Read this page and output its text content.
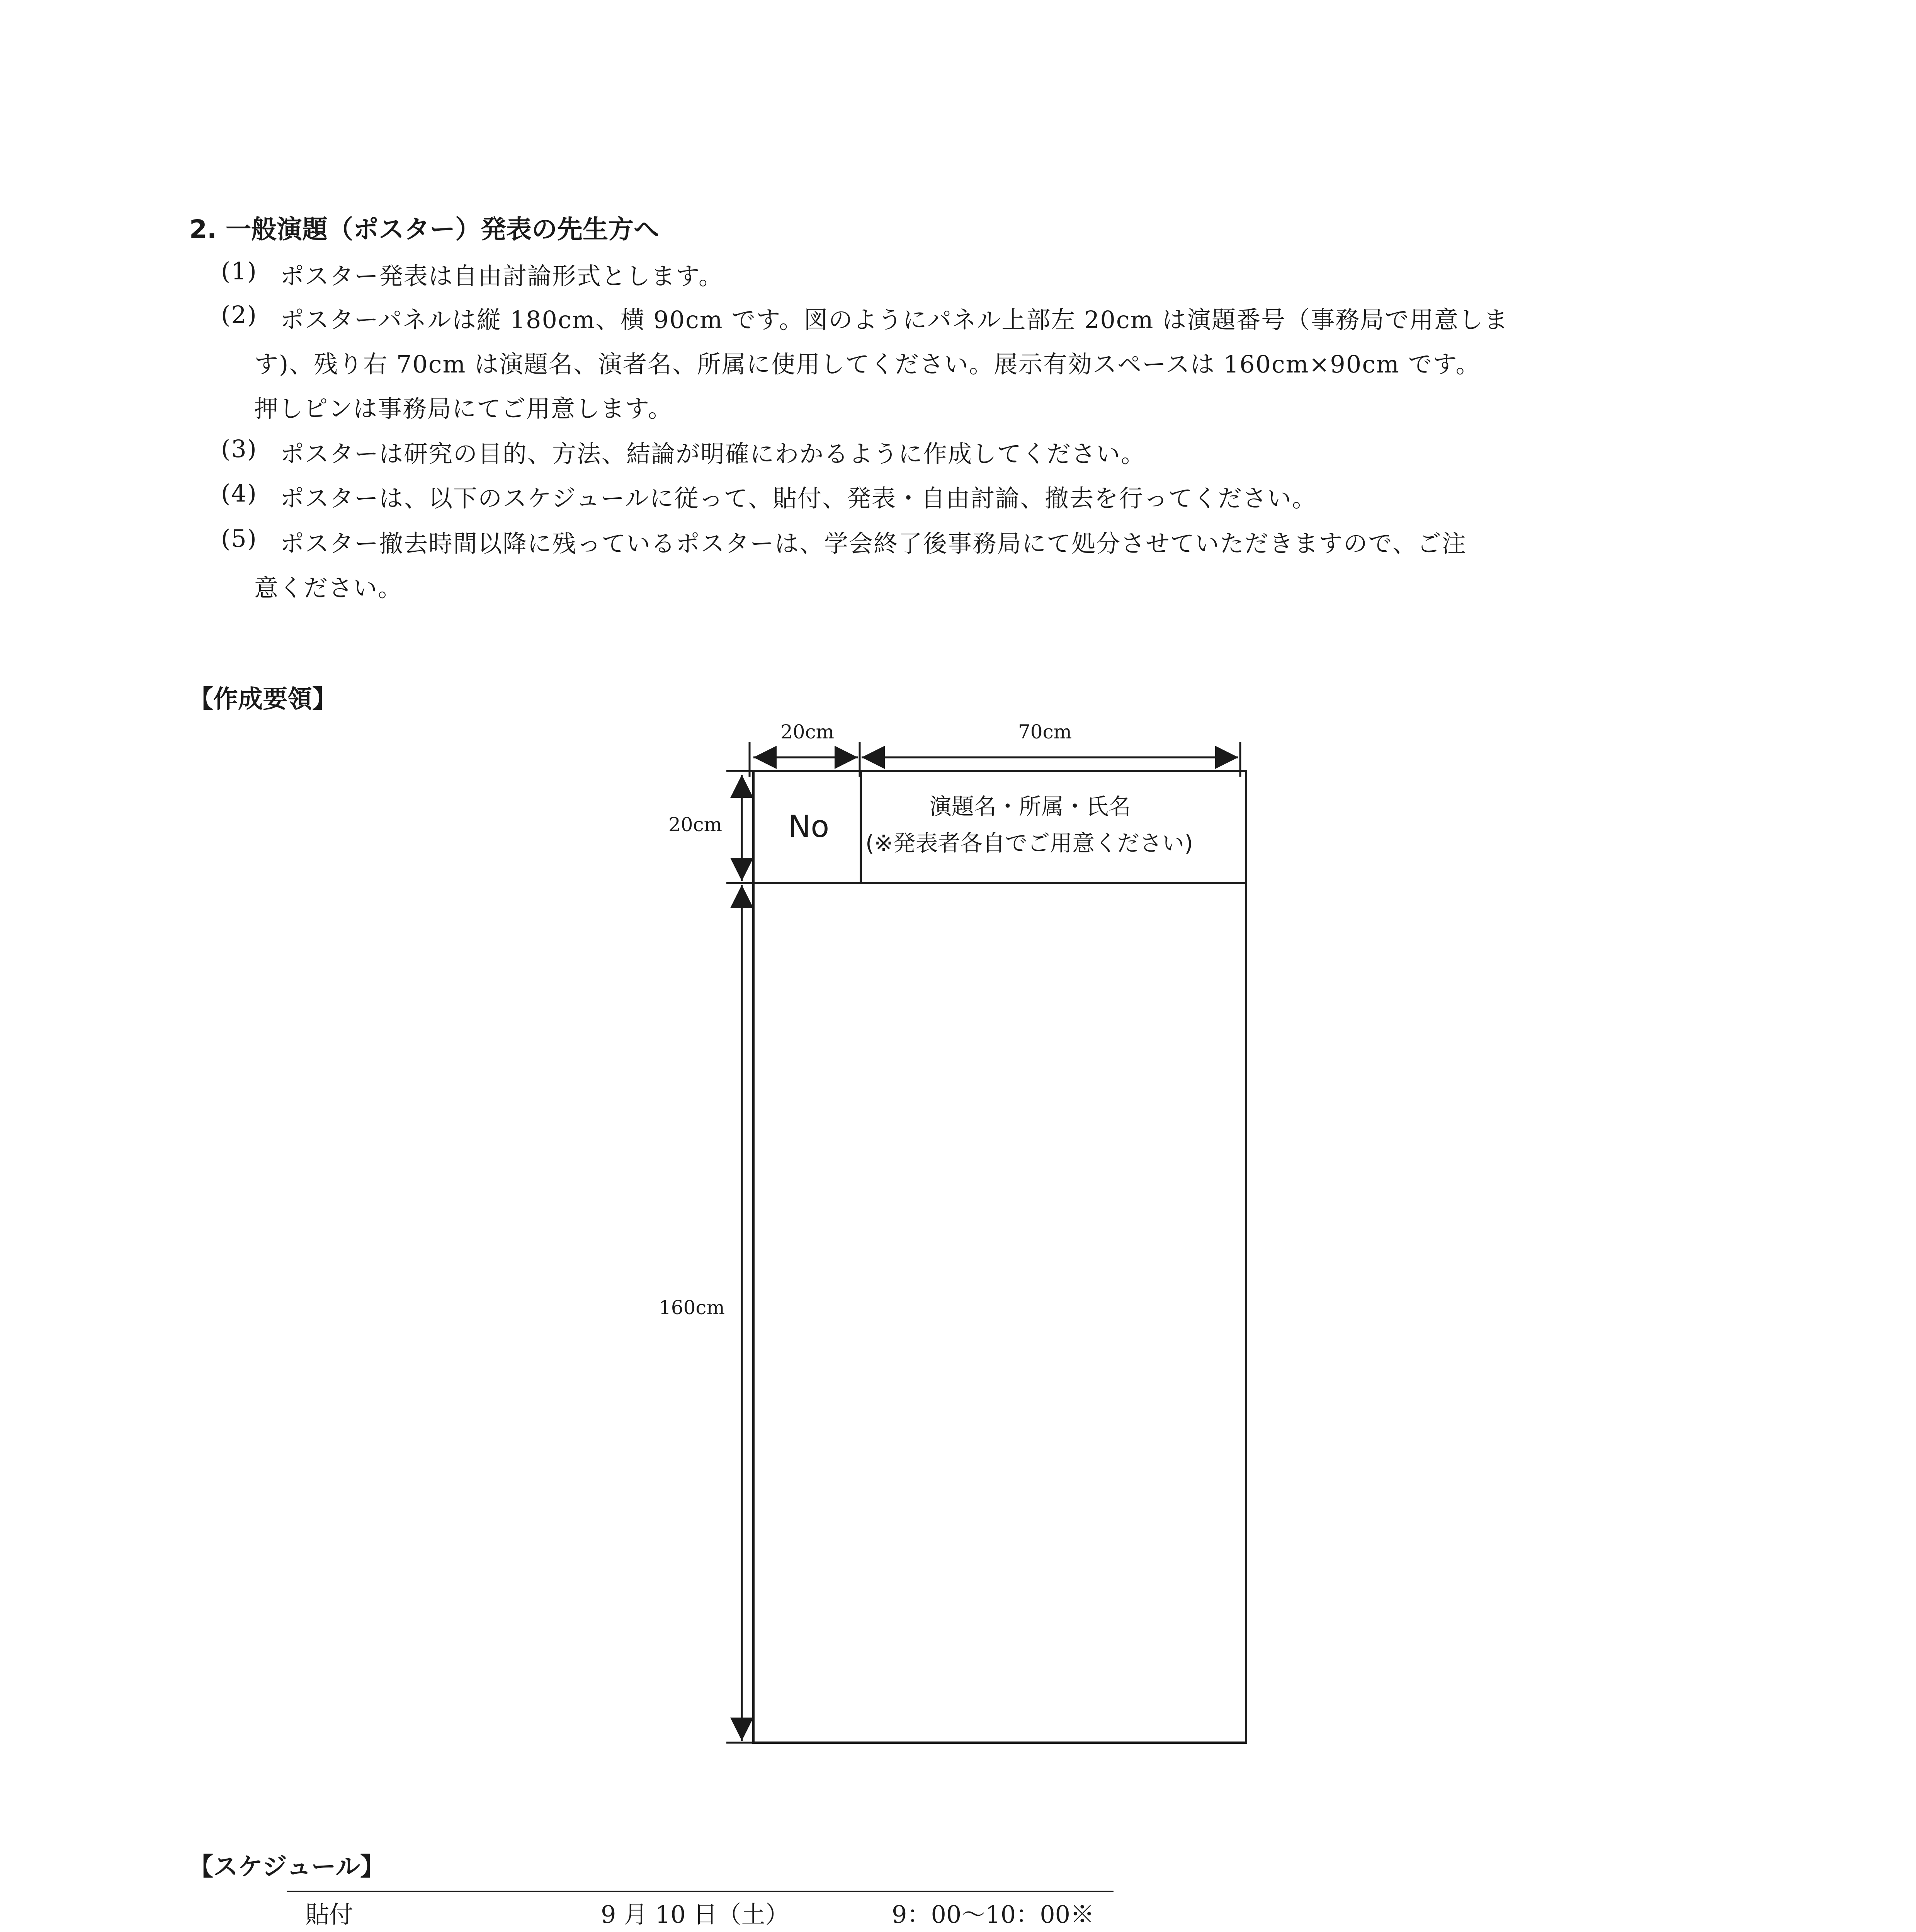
2. 一般演題（ポスター）発表の先生方へ
(1) ポスター発表は自由討論形式とします。
(2) ポスターパネルは縦 180cm、横 90cm です。図のようにパネル上部左 20cm は演題番号（事務局で用意しま
す)、残り右 70cm は演題名、演者名、所属に使用してください。展示有効スペースは 160cm×90cm です。
押しピンは事務局にてご用意します。
(3) ポスターは研究の目的、方法、結論が明確にわかるように作成してください。
(4) ポスターは、以下のスケジュールに従って、貼付、発表・自由討論、撤去を行ってください。
(5) ポスター撤去時間以降に残っているポスターは、学会終了後事務局にて処分させていただきますので、ご注
意ください。
【作成要領】
20cm	70cm
20cm
160cm
No
演題名・所属・氏名
(※発表者各自でご用意ください)
【スケジュール】
貼付	9 月 10 日（土）	9：00〜10：00※
